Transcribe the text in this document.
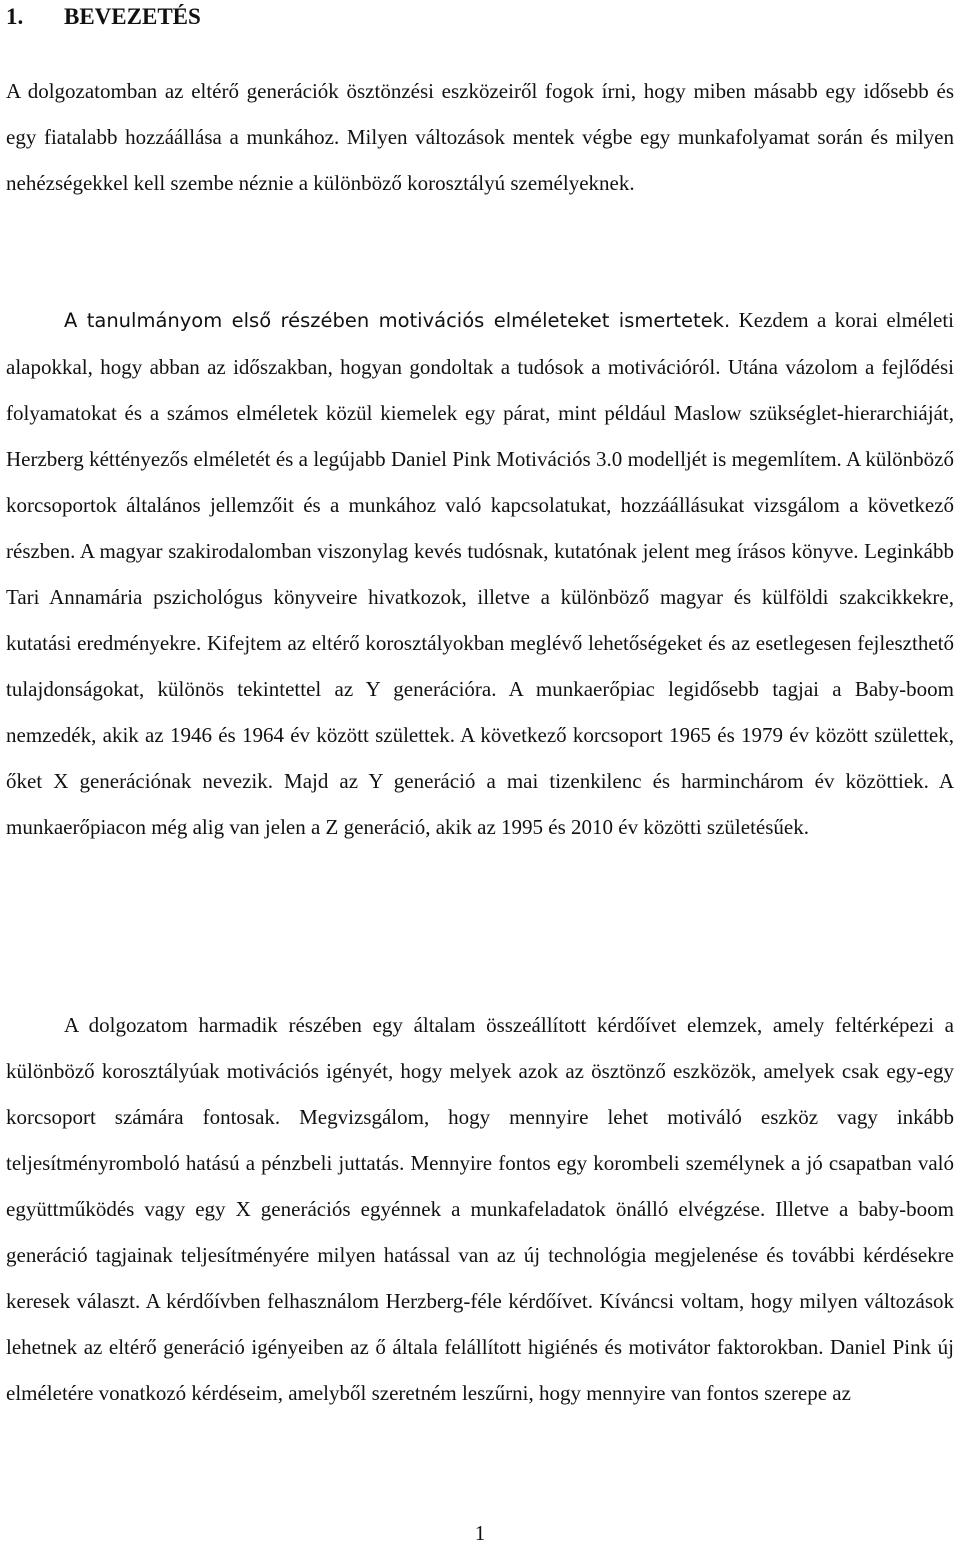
1. BEVEZETÉS

A dolgozatomban az eltérő generációk ösztönzési eszközeiről fogok írni, hogy miben másabb egy idősebb és egy fiatalabb hozzáállása a munkához. Milyen változások mentek végbe egy munkafolyamat során és milyen nehézségekkel kell szembe néznie a különböző korosztályú személyeknek.

A tanulmányom első részében motivációs elméleteket ismertetek. Kezdem a korai elméleti alapokkal, hogy abban az időszakban, hogyan gondoltak a tudósok a motivációról. Utána vázolom a fejlődési folyamatokat és a számos elméletek közül kiemelek egy párat, mint például Maslow szükséglet-hierarchiáját, Herzberg kéttényezős elméletét és a legújabb Daniel Pink Motivációs 3.0 modelljét is megemlítem. A különböző korcsoportok általános jellemzőit és a munkához való kapcsolatukat, hozzáállásukat vizsgálom a következő részben. A magyar szakirodalomban viszonylag kevés tudósnak, kutatónak jelent meg írásos könyve. Leginkább Tari Annamária pszichológus könyveire hivatkozok, illetve a különböző magyar és külföldi szakcikkekre, kutatási eredményekre. Kifejtem az eltérő korosztályokban meglévő lehetőségeket és az esetlegesen fejleszthető tulajdonságokat, különös tekintettel az Y generációra. A munkaerőpiac legidősebb tagjai a Baby-boom nemzedék, akik az 1946 és 1964 év között születtek. A következő korcsoport 1965 és 1979 év között születtek, őket X generációnak nevezik. Majd az Y generáció a mai tizenkilenc és harminchárom év közöttiek. A munkaerőpiacon még alig van jelen a Z generáció, akik az 1995 és 2010 év közötti születésűek.

A dolgozatom harmadik részében egy általam összeállított kérdőívet elemzek, amely feltérképezi a különböző korosztályúak motivációs igényét, hogy melyek azok az ösztönző eszközök, amelyek csak egy-egy korcsoport számára fontosak. Megvizsgálom, hogy mennyire lehet motiváló eszköz vagy inkább teljesítményromboló hatású a pénzbeli juttatás. Mennyire fontos egy korombeli személynek a jó csapatban való együttműködés vagy egy X generációs egyénnek a munkafeladatok önálló elvégzése. Illetve a baby-boom generáció tagjainak teljesítményére milyen hatással van az új technológia megjelenése és további kérdésekre keresek választ. A kérdőívben felhasználom Herzberg-féle kérdőívet. Kíváncsi voltam, hogy milyen változások lehetnek az eltérő generáció igényeiben az ő általa felállított higiénés és motivátor faktorokban. Daniel Pink új elméletére vonatkozó kérdéseim, amelyből szeretném leszűrni, hogy mennyire van fontos szerepe az

1
